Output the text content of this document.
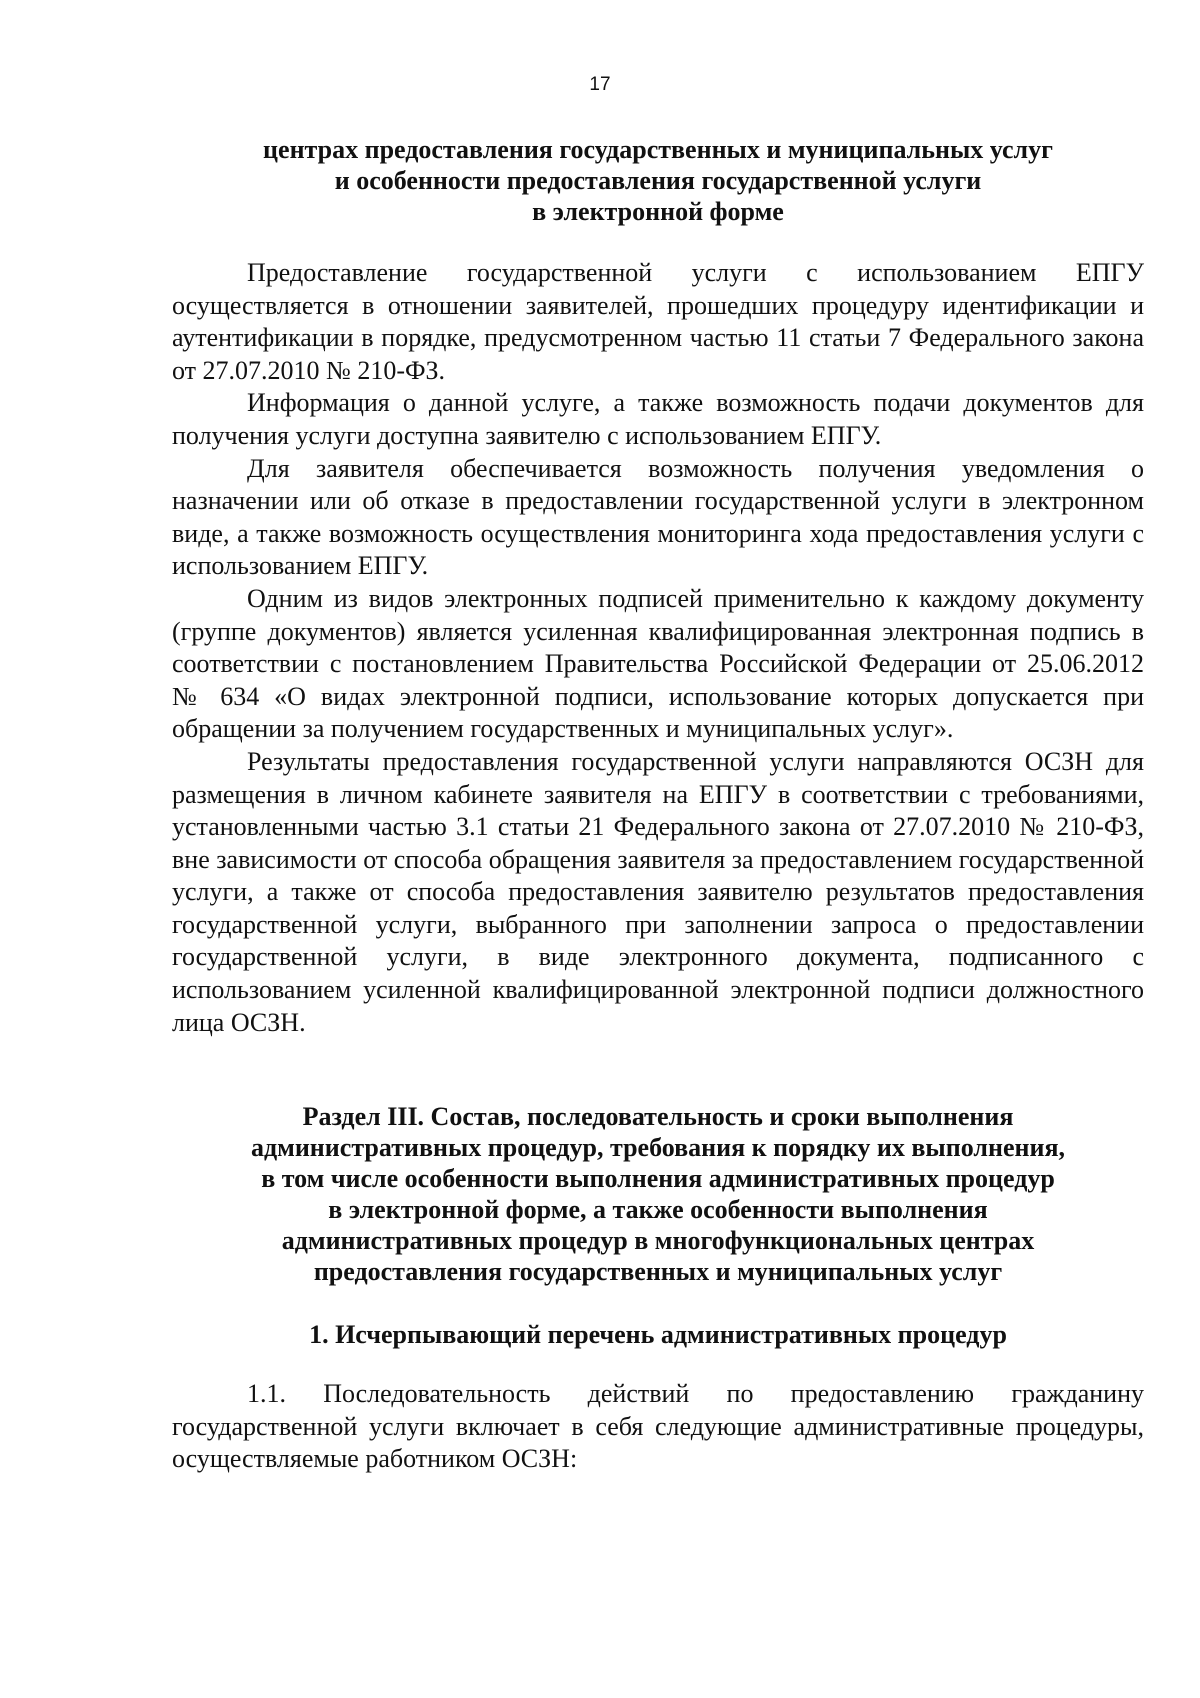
17
центрах предоставления государственных и муниципальных услуг
и особенности предоставления государственной услуги
в электронной форме

Предоставление государственной услуги с использованием ЕПГУ осуществляется в отношении заявителей, прошедших процедуру идентификации и аутентификации в порядке, предусмотренном частью 11 статьи 7 Федерального закона от 27.07.2010 № 210-ФЗ.

Информация о данной услуге, а также возможность подачи документов для получения услуги доступна заявителю с использованием ЕПГУ.

Для заявителя обеспечивается возможность получения уведомления о назначении или об отказе в предоставлении государственной услуги в электронном виде, а также возможность осуществления мониторинга хода предоставления услуги с использованием ЕПГУ.

Одним из видов электронных подписей применительно к каждому документу (группе документов) является усиленная квалифицированная электронная подпись в соответствии с постановлением Правительства Российской Федерации от 25.06.2012 № 634 «О видах электронной подписи, использование которых допускается при обращении за получением государственных и муниципальных услуг».

Результаты предоставления государственной услуги направляются ОСЗН для размещения в личном кабинете заявителя на ЕПГУ в соответствии с требованиями, установленными частью 3.1 статьи 21 Федерального закона от 27.07.2010 № 210-ФЗ, вне зависимости от способа обращения заявителя за предоставлением государственной услуги, а также от способа предоставления заявителю результатов предоставления государственной услуги, выбранного при заполнении запроса о предоставлении государственной услуги, в виде электронного документа, подписанного с использованием усиленной квалифицированной электронной подписи должностного лица ОСЗН.

Раздел III. Состав, последовательность и сроки выполнения
административных процедур, требования к порядку их выполнения,
в том числе особенности выполнения административных процедур
в электронной форме, а также особенности выполнения
административных процедур в многофункциональных центрах
предоставления государственных и муниципальных услуг
1. Исчерпывающий перечень административных процедур

1.1. Последовательность действий по предоставлению гражданину государственной услуги включает в себя следующие административные процедуры, осуществляемые работником ОСЗН:
